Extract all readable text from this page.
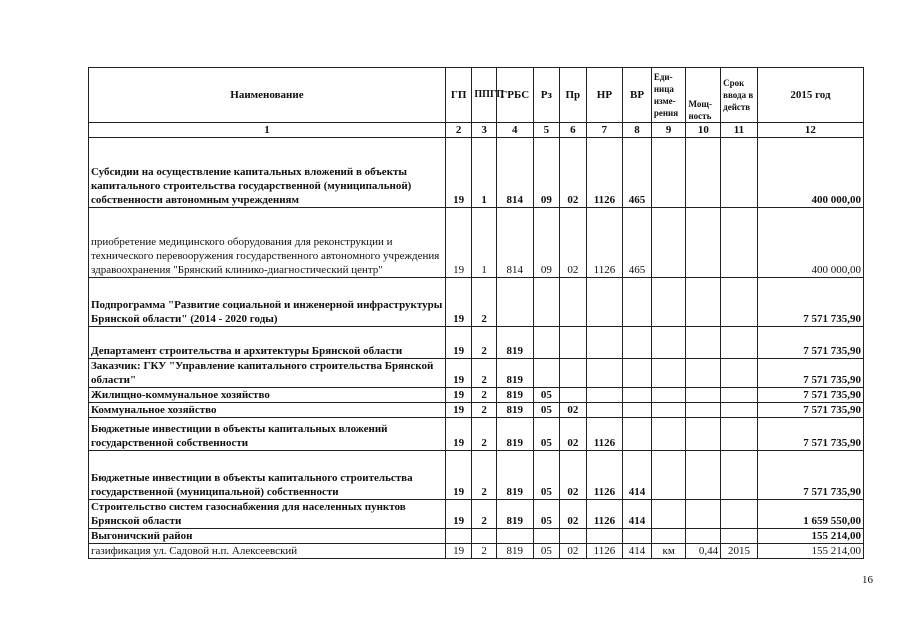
Наименование	ГП	ППГП	ГРБС	Рз	Пр	НР	ВР	Еди-ница изме-рения	Мощ-ность	Срок ввода в действ	2015 год
1	2	3	4	5	6	7	8	9	10	11	12
Субсидии на осуществление капитальных вложений в объекты капитального строительства государственной (муниципальной) собственности автономным учреждениям	19	1	814	09	02	1126	465				400 000,00
приобретение медицинского оборудования для реконструкции и технического перевооружения государственного автономного учреждения здравоохранения "Брянский клинико-диагностический центр"	19	1	814	09	02	1126	465				400 000,00
Подпрограмма "Развитие социальной и инженерной инфраструктуры Брянской области" (2014 - 2020 годы)	19	2									7 571 735,90
Департамент строительства и архитектуры Брянской области	19	2	819								7 571 735,90
Заказчик: ГКУ "Управление капитального строительства Брянской области"	19	2	819								7 571 735,90
Жилищно-коммунальное хозяйство	19	2	819	05							7 571 735,90
Коммунальное хозяйство	19	2	819	05	02						7 571 735,90
Бюджетные инвестиции в объекты капитальных вложений государственной собственности	19	2	819	05	02	1126					7 571 735,90
Бюджетные инвестиции в объекты капитального строительства государственной (муниципальной) собственности	19	2	819	05	02	1126	414				7 571 735,90
Строительство систем газоснабжения для населенных пунктов Брянской области	19	2	819	05	02	1126	414				1 659 550,00
Выгоничский район											155 214,00
газификация ул. Садовой н.п. Алексеевский	19	2	819	05	02	1126	414	км	0,44	2015	155 214,00
16
